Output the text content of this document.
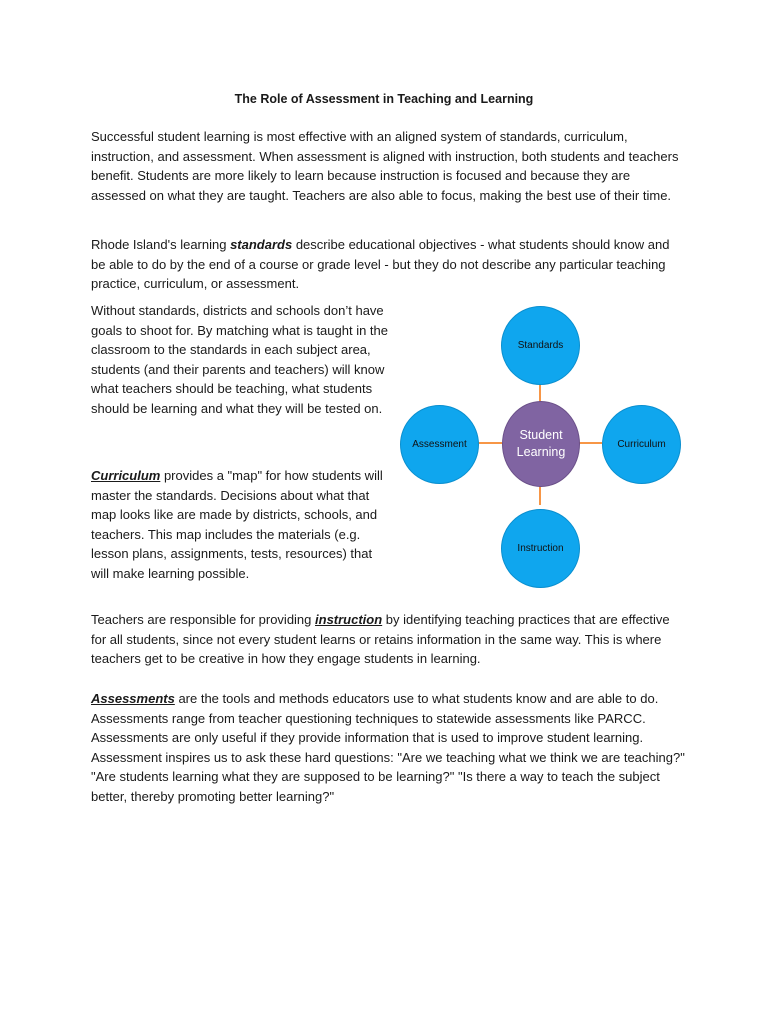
The Role of Assessment in Teaching and Learning

Successful student learning is most effective with an aligned system of standards, curriculum, instruction, and assessment. When assessment is aligned with instruction, both students and teachers benefit. Students are more likely to learn because instruction is focused and because they are assessed on what they are taught. Teachers are also able to focus, making the best use of their time.

Rhode Island's learning standards describe educational objectives - what students should know and be able to do by the end of a course or grade level - but they do not describe any particular teaching practice, curriculum, or assessment.

Without standards, districts and schools don’t have goals to shoot for. By matching what is taught in the classroom to the standards in each subject area, students (and their parents and teachers) will know what teachers should be teaching, what students should be learning and what they will be tested on.

Curriculum provides a "map" for how students will master the standards. Decisions about what that map looks like are made by districts, schools, and teachers. This map includes the materials (e.g. lesson plans, assignments, tests, resources) that will make learning possible.

Teachers are responsible for providing instruction by identifying teaching practices that are effective for all students, since not every student learns or retains information in the same way. This is where teachers get to be creative in how they engage students in learning.

Assessments are the tools and methods educators use to what students know and are able to do. Assessments range from teacher questioning techniques to statewide assessments like PARCC. Assessments are only useful if they provide information that is used to improve student learning. Assessment inspires us to ask these hard questions: "Are we teaching what we think we are teaching?" "Are students learning what they are supposed to be learning?" "Is there a way to teach the subject better, thereby promoting better learning?"

Standards
Assessment	Curriculum
Instruction
Student
Learning
